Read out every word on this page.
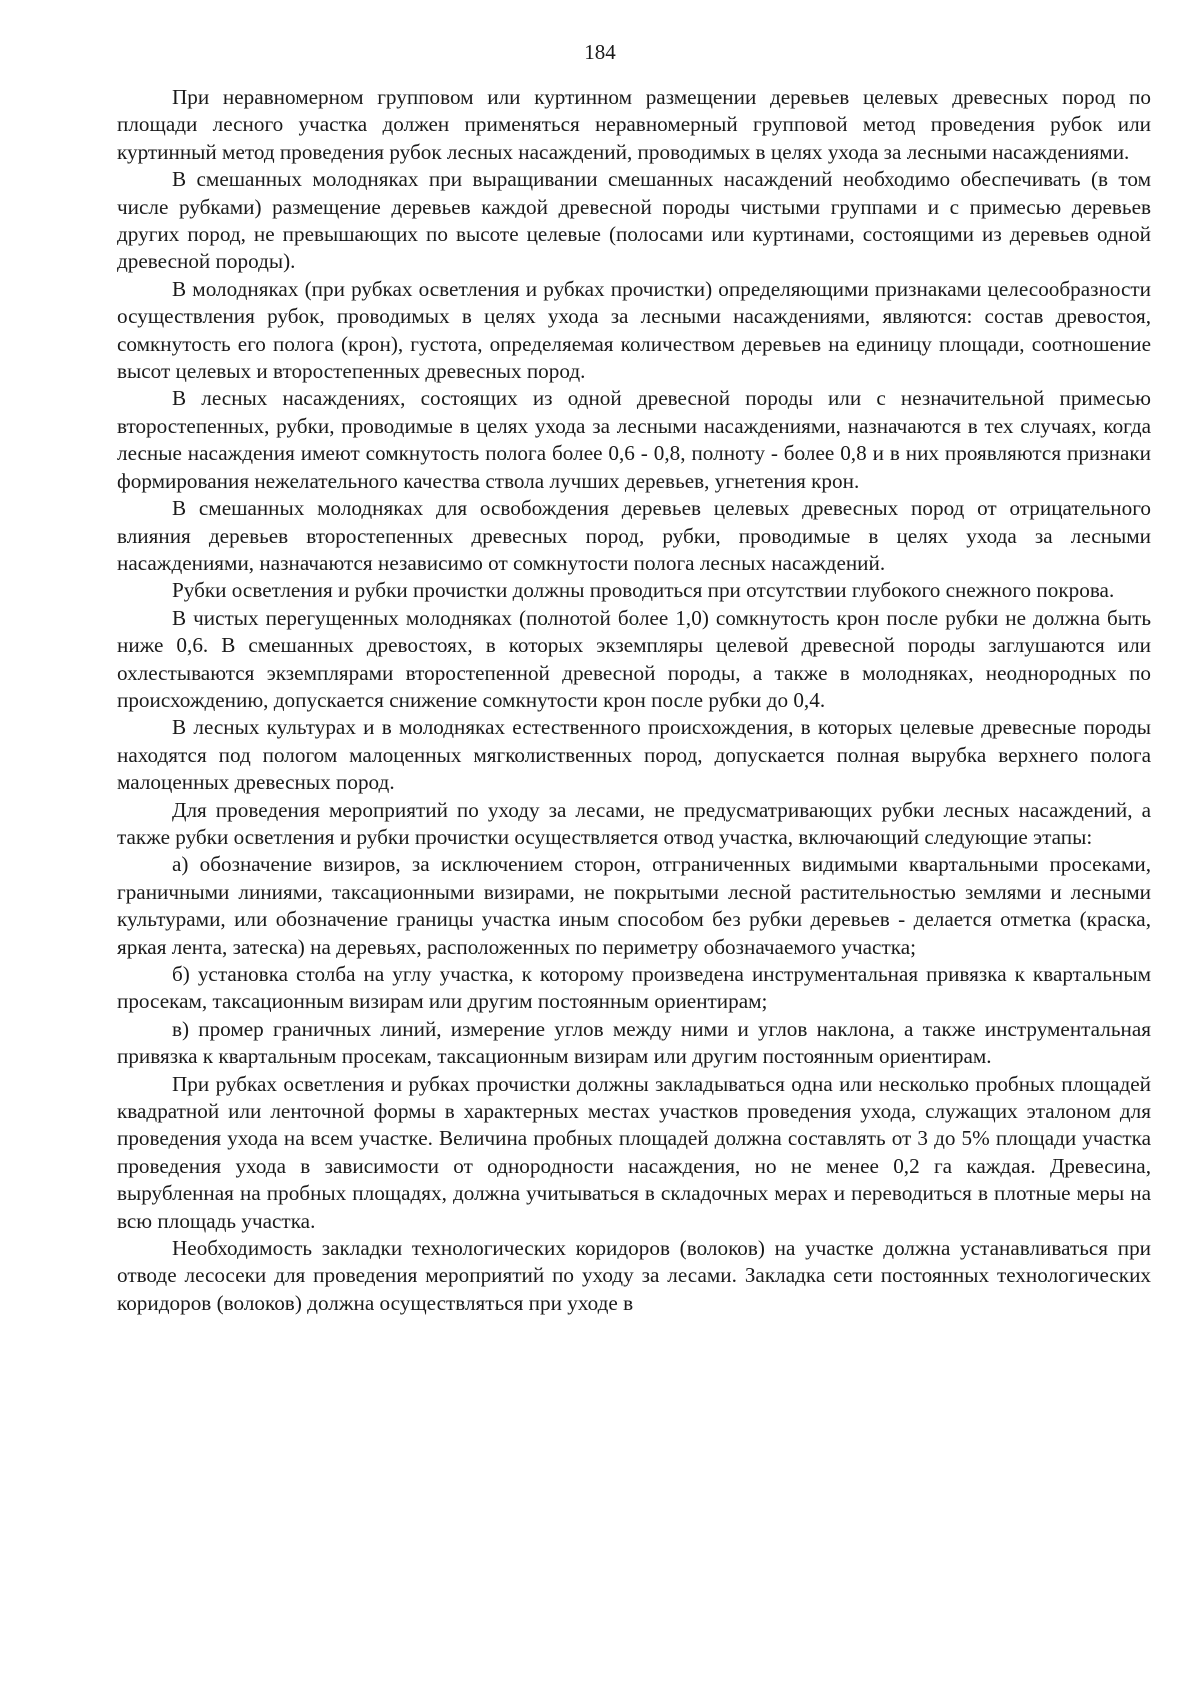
184

При неравномерном групповом или куртинном размещении деревьев целевых древесных пород по площади лесного участка должен применяться неравномерный групповой метод проведения рубок или куртинный метод проведения рубок лесных насаждений, проводимых в целях ухода за лесными насаждениями.

В смешанных молодняках при выращивании смешанных насаждений необходимо обеспечивать (в том числе рубками) размещение деревьев каждой древесной породы чистыми группами и с примесью деревьев других пород, не превышающих по высоте целевые (полосами или куртинами, состоящими из деревьев одной древесной породы).

В молодняках (при рубках осветления и рубках прочистки) определяющими признаками целесообразности осуществления рубок, проводимых в целях ухода за лесными насаждениями, являются: состав древостоя, сомкнутость его полога (крон), густота, определяемая количеством деревьев на единицу площади, соотношение высот целевых и второстепенных древесных пород.

В лесных насаждениях, состоящих из одной древесной породы или с незначительной примесью второстепенных, рубки, проводимые в целях ухода за лесными насаждениями, назначаются в тех случаях, когда лесные насаждения имеют сомкнутость полога более 0,6 - 0,8, полноту - более 0,8 и в них проявляются признаки формирования нежелательного качества ствола лучших деревьев, угнетения крон.

В смешанных молодняках для освобождения деревьев целевых древесных пород от отрицательного влияния деревьев второстепенных древесных пород, рубки, проводимые в целях ухода за лесными насаждениями, назначаются независимо от сомкнутости полога лесных насаждений.

Рубки осветления и рубки прочистки должны проводиться при отсутствии глубокого снежного покрова.

В чистых перегущенных молодняках (полнотой более 1,0) сомкнутость крон после рубки не должна быть ниже 0,6. В смешанных древостоях, в которых экземпляры целевой древесной породы заглушаются или охлестываются экземплярами второстепенной древесной породы, а также в молодняках, неоднородных по происхождению, допускается снижение сомкнутости крон после рубки до 0,4.

В лесных культурах и в молодняках естественного происхождения, в которых целевые древесные породы находятся под пологом малоценных мягколиственных пород, допускается полная вырубка верхнего полога малоценных древесных пород.

Для проведения мероприятий по уходу за лесами, не предусматривающих рубки лесных насаждений, а также рубки осветления и рубки прочистки осуществляется отвод участка, включающий следующие этапы:

а) обозначение визиров, за исключением сторон, отграниченных видимыми квартальными просеками, граничными линиями, таксационными визирами, не покрытыми лесной растительностью землями и лесными культурами, или обозначение границы участка иным способом без рубки деревьев - делается отметка (краска, яркая лента, затеска) на деревьях, расположенных по периметру обозначаемого участка;

б) установка столба на углу участка, к которому произведена инструментальная привязка к квартальным просекам, таксационным визирам или другим постоянным ориентирам;

в) промер граничных линий, измерение углов между ними и углов наклона, а также инструментальная привязка к квартальным просекам, таксационным визирам или другим постоянным ориентирам.

При рубках осветления и рубках прочистки должны закладываться одна или несколько пробных площадей квадратной или ленточной формы в характерных местах участков проведения ухода, служащих эталоном для проведения ухода на всем участке. Величина пробных площадей должна составлять от 3 до 5% площади участка проведения ухода в зависимости от однородности насаждения, но не менее 0,2 га каждая. Древесина, вырубленная на пробных площадях, должна учитываться в складочных мерах и переводиться в плотные меры на всю площадь участка.

Необходимость закладки технологических коридоров (волоков) на участке должна устанавливаться при отводе лесосеки для проведения мероприятий по уходу за лесами. Закладка сети постоянных технологических коридоров (волоков) должна осуществляться при уходе в
